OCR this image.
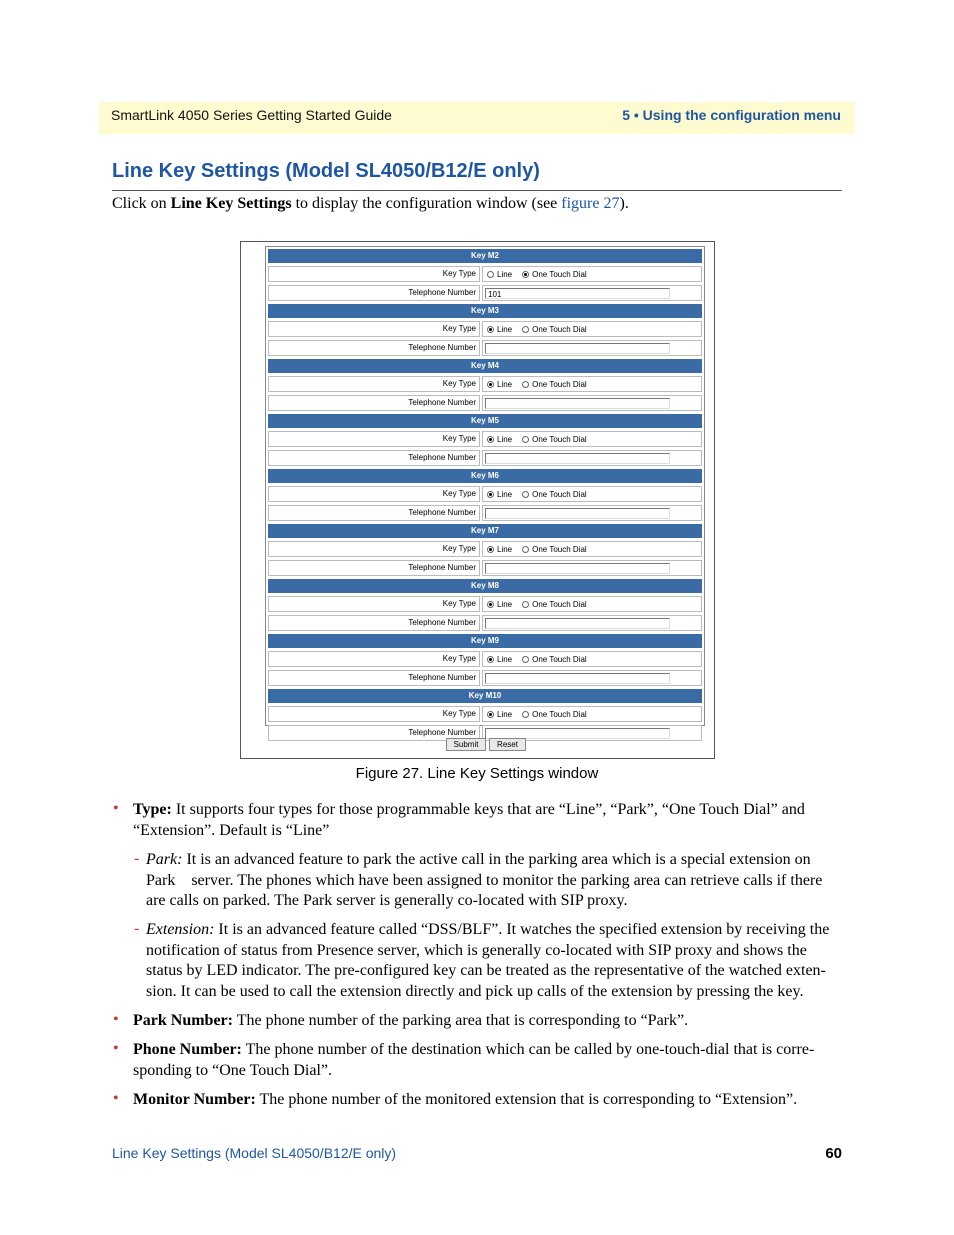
SmartLink 4050 Series Getting Started Guide	5 • Using the configuration menu
Line Key Settings (Model SL4050/B12/E only)
Click on Line Key Settings to display the configuration window (see figure 27).
Key M2
Key Type	Line	One Touch Dial
Telephone Number	101
Key M3
Key Type	Line	One Touch Dial
Telephone Number
Key M4
Key Type	Line	One Touch Dial
Telephone Number
Key M5
Key Type	Line	One Touch Dial
Telephone Number
Key M6
Key Type	Line	One Touch Dial
Telephone Number
Key M7
Key Type	Line	One Touch Dial
Telephone Number
Key M8
Key Type	Line	One Touch Dial
Telephone Number
Key M9
Key Type	Line	One Touch Dial
Telephone Number
Key M10
Key Type	Line	One Touch Dial
Telephone Number
Submit	Reset
Figure 27. Line Key Settings window
• Type: It supports four types for those programmable keys that are “Line”, “Park”, “One Touch Dial” and
“Extension”. Default is “Line”
- Park: It is an advanced feature to park the active call in the parking area which is a special extension on
Park    server. The phones which have been assigned to monitor the parking area can retrieve calls if there
are calls on parked. The Park server is generally co-located with SIP proxy.
- Extension: It is an advanced feature called “DSS/BLF”. It watches the specified extension by receiving the
notification of status from Presence server, which is generally co-located with SIP proxy and shows the
status by LED indicator. The pre-configured key can be treated as the representative of the watched exten-
sion. It can be used to call the extension directly and pick up calls of the extension by pressing the key.
• Park Number: The phone number of the parking area that is corresponding to “Park”.
• Phone Number: The phone number of the destination which can be called by one-touch-dial that is corre-
sponding to “One Touch Dial”.
• Monitor Number: The phone number of the monitored extension that is corresponding to “Extension”.
Line Key Settings (Model SL4050/B12/E only)	60
